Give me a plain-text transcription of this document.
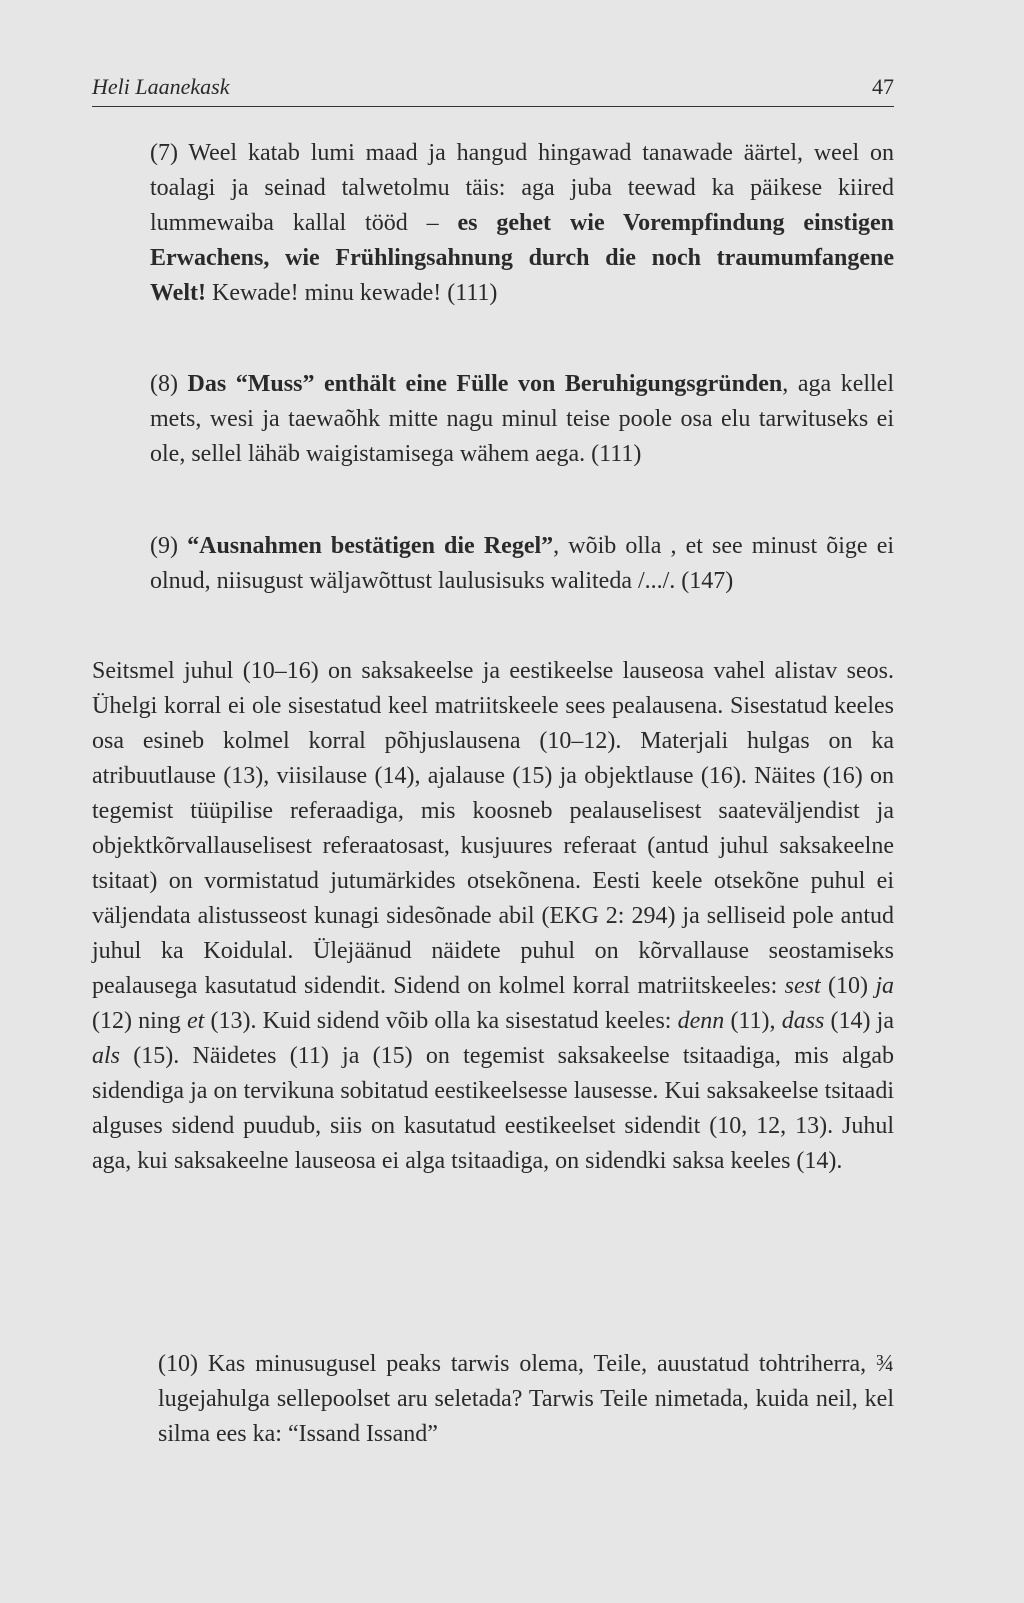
Heli Laanekask	47

(7) Weel katab lumi maad ja hangud hingawad tanawade äärtel, weel on toalagi ja seinad talwetolmu täis: aga juba teewad ka päikese kiired lummewaiba kallal tööd – es gehet wie Vorempfindung einstigen Erwachens, wie Frühlingsahnung durch die noch traumumfangene Welt! Kewade! minu kewade! (111)

(8) Das “Muss” enthält eine Fülle von Beruhigungsgründen, aga kellel mets, wesi ja taewaõhk mitte nagu minul teise poole osa elu tarwituseks ei ole, sellel lähäb waigistamisega wähem aega. (111)

(9) “Ausnahmen bestätigen die Regel”, wõib olla , et see minust õige ei olnud, niisugust wäljawõttust laulusisuks waliteda /.../. (147)

Seitsmel juhul (10–16) on saksakeelse ja eestikeelse lauseosa vahel alistav seos. Ühelgi korral ei ole sisestatud keel matriitskeele sees pealausena. Sisestatud keeles osa esineb kolmel korral põhjuslausena (10–12). Materjali hulgas on ka atribuutlause (13), viisilause (14), ajalause (15) ja objektlause (16). Näites (16) on tegemist tüüpilise referaadiga, mis koosneb pealauselisest saateväljendist ja objektkõrvallauselisest referaatosast, kusjuures referaat (antud juhul saksakeelne tsitaat) on vormistatud jutumärkides otsekõnena. Eesti keele otsekõne puhul ei väljendata alistusseost kunagi sidesõnade abil (EKG 2: 294) ja selliseid pole antud juhul ka Koidulal. Ülejäänud näidete puhul on kõrvallause seostamiseks pealausega kasutatud sidendit. Sidend on kolmel korral matriitskeeles: sest (10) ja (12) ning et (13). Kuid sidend võib olla ka sisestatud keeles: denn (11), dass (14) ja als (15). Näidetes (11) ja (15) on tegemist saksakeelse tsitaadiga, mis algab sidendiga ja on tervikuna sobitatud eestikeelsesse lausesse. Kui saksakeelse tsitaadi alguses sidend puudub, siis on kasutatud eestikeelset sidendit (10, 12, 13). Juhul aga, kui saksakeelne lauseosa ei alga tsitaadiga, on sidendki saksa keeles (14).

(10) Kas minusugusel peaks tarwis olema, Teile, auustatud tohtriherra, ¾ lugejahulga sellepoolset aru seletada? Tarwis Teile nimetada, kuida neil, kel silma ees ka: “Issand Issand”
